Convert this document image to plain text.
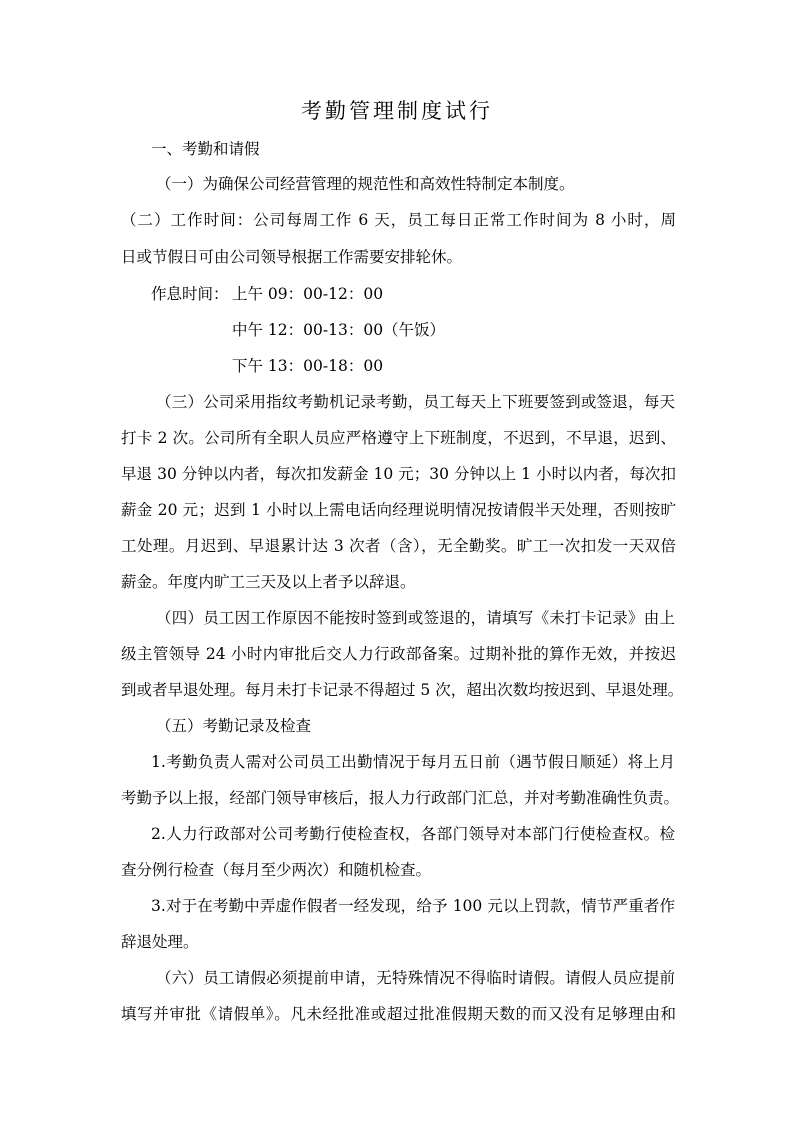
考勤管理制度试行
一、考勤和请假
（一）为确保公司经营管理的规范性和高效性特制定本制度。
（二）工作时间：公司每周工作 6 天，员工每日正常工作时间为 8 小时，周
日或节假日可由公司领导根据工作需要安排轮休。
作息时间： 上午 09：00-12：00
中午 12：00-13：00（午饭）
下午 13：00-18：00
（三）公司采用指纹考勤机记录考勤，员工每天上下班要签到或签退，每天
打卡 2 次。公司所有全职人员应严格遵守上下班制度，不迟到，不早退，迟到、
早退 30 分钟以内者，每次扣发薪金 10 元；30 分钟以上 1 小时以内者，每次扣
薪金 20 元；迟到 1 小时以上需电话向经理说明情况按请假半天处理，否则按旷
工处理。月迟到、早退累计达 3 次者（含），无全勤奖。旷工一次扣发一天双倍
薪金。年度内旷工三天及以上者予以辞退。
（四）员工因工作原因不能按时签到或签退的，请填写《未打卡记录》由上
级主管领导 24 小时内审批后交人力行政部备案。过期补批的算作无效，并按迟
到或者早退处理。每月未打卡记录不得超过 5 次，超出次数均按迟到、早退处理。
（五）考勤记录及检查
1.考勤负责人需对公司员工出勤情况于每月五日前（遇节假日顺延）将上月
考勤予以上报，经部门领导审核后，报人力行政部门汇总，并对考勤准确性负责。
2.人力行政部对公司考勤行使检查权，各部门领导对本部门行使检查权。检
查分例行检查（每月至少两次）和随机检查。
3.对于在考勤中弄虚作假者一经发现，给予 100 元以上罚款，情节严重者作
辞退处理。
（六）员工请假必须提前申请，无特殊情况不得临时请假。请假人员应提前
填写并审批《请假单》。凡未经批准或超过批准假期天数的而又没有足够理由和
